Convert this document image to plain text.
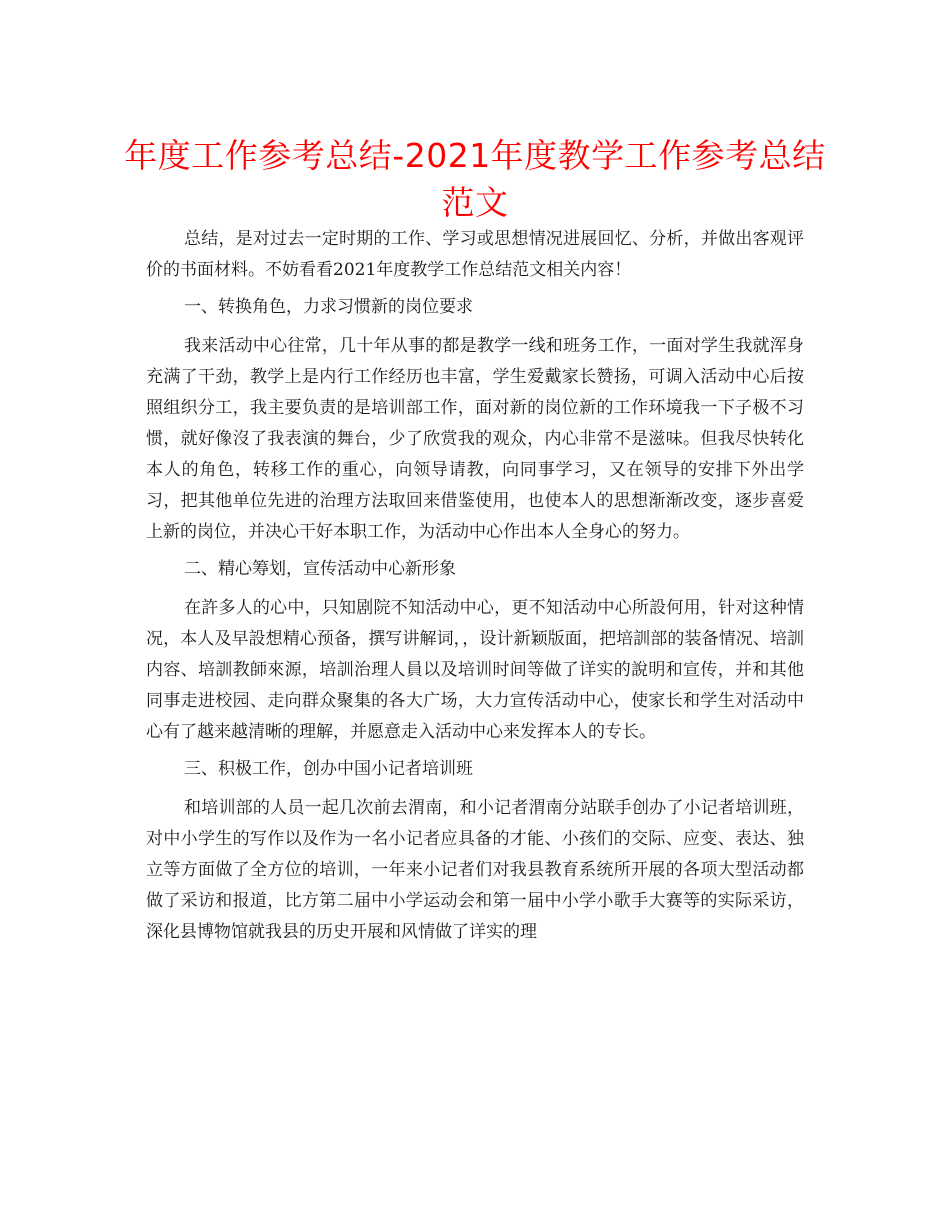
年度工作参考总结-2021年度教学工作参考总结范文

总结，是对过去一定时期的工作、学习或思想情况进展回忆、分析，并做出客观评价的书面材料。不妨看看2021年度教学工作总结范文相关内容！

一、转换角色，力求习惯新的岗位要求

我来活动中心往常，几十年从事的都是教学一线和班务工作，一面对学生我就浑身充满了干劲，教学上是内行工作经历也丰富，学生爱戴家长赞扬，可调入活动中心后按照组织分工，我主要负责的是培训部工作，面对新的岗位新的工作环境我一下子极不习惯，就好像沒了我表演的舞台，少了欣赏我的观众，内心非常不是滋味。但我尽快转化本人的角色，转移工作的重心，向领导请教，向同事学习，又在领导的安排下外出学习，把其他单位先进的治理方法取回来借鉴使用，也使本人的思想渐渐改变，逐步喜爱上新的岗位，并决心干好本职工作，为活动中心作出本人全身心的努力。

二、精心筹划，宣传活动中心新形象

在許多人的心中，只知剧院不知活动中心，更不知活动中心所設何用，针对这种情况，本人及早設想精心预备，撰写讲解词，，设计新颖版面，把培訓部的装备情况、培訓内容、培訓教師來源，培訓治理人員以及培训时间等做了详实的說明和宣传，并和其他同事走进校园、走向群众聚集的各大广场，大力宣传活动中心，使家长和学生对活动中心有了越来越清晰的理解，并愿意走入活动中心来发挥本人的专长。

三、积极工作，创办中国小记者培训班

和培训部的人员一起几次前去渭南，和小记者渭南分站联手创办了小记者培训班，对中小学生的写作以及作为一名小记者应具备的才能、小孩们的交际、应变、表达、独立等方面做了全方位的培训，一年来小记者们对我县教育系统所开展的各项大型活动都做了采访和报道，比方第二届中小学运动会和第一届中小学小歌手大赛等的实际采访，深化县博物馆就我县的历史开展和风情做了详实的理
